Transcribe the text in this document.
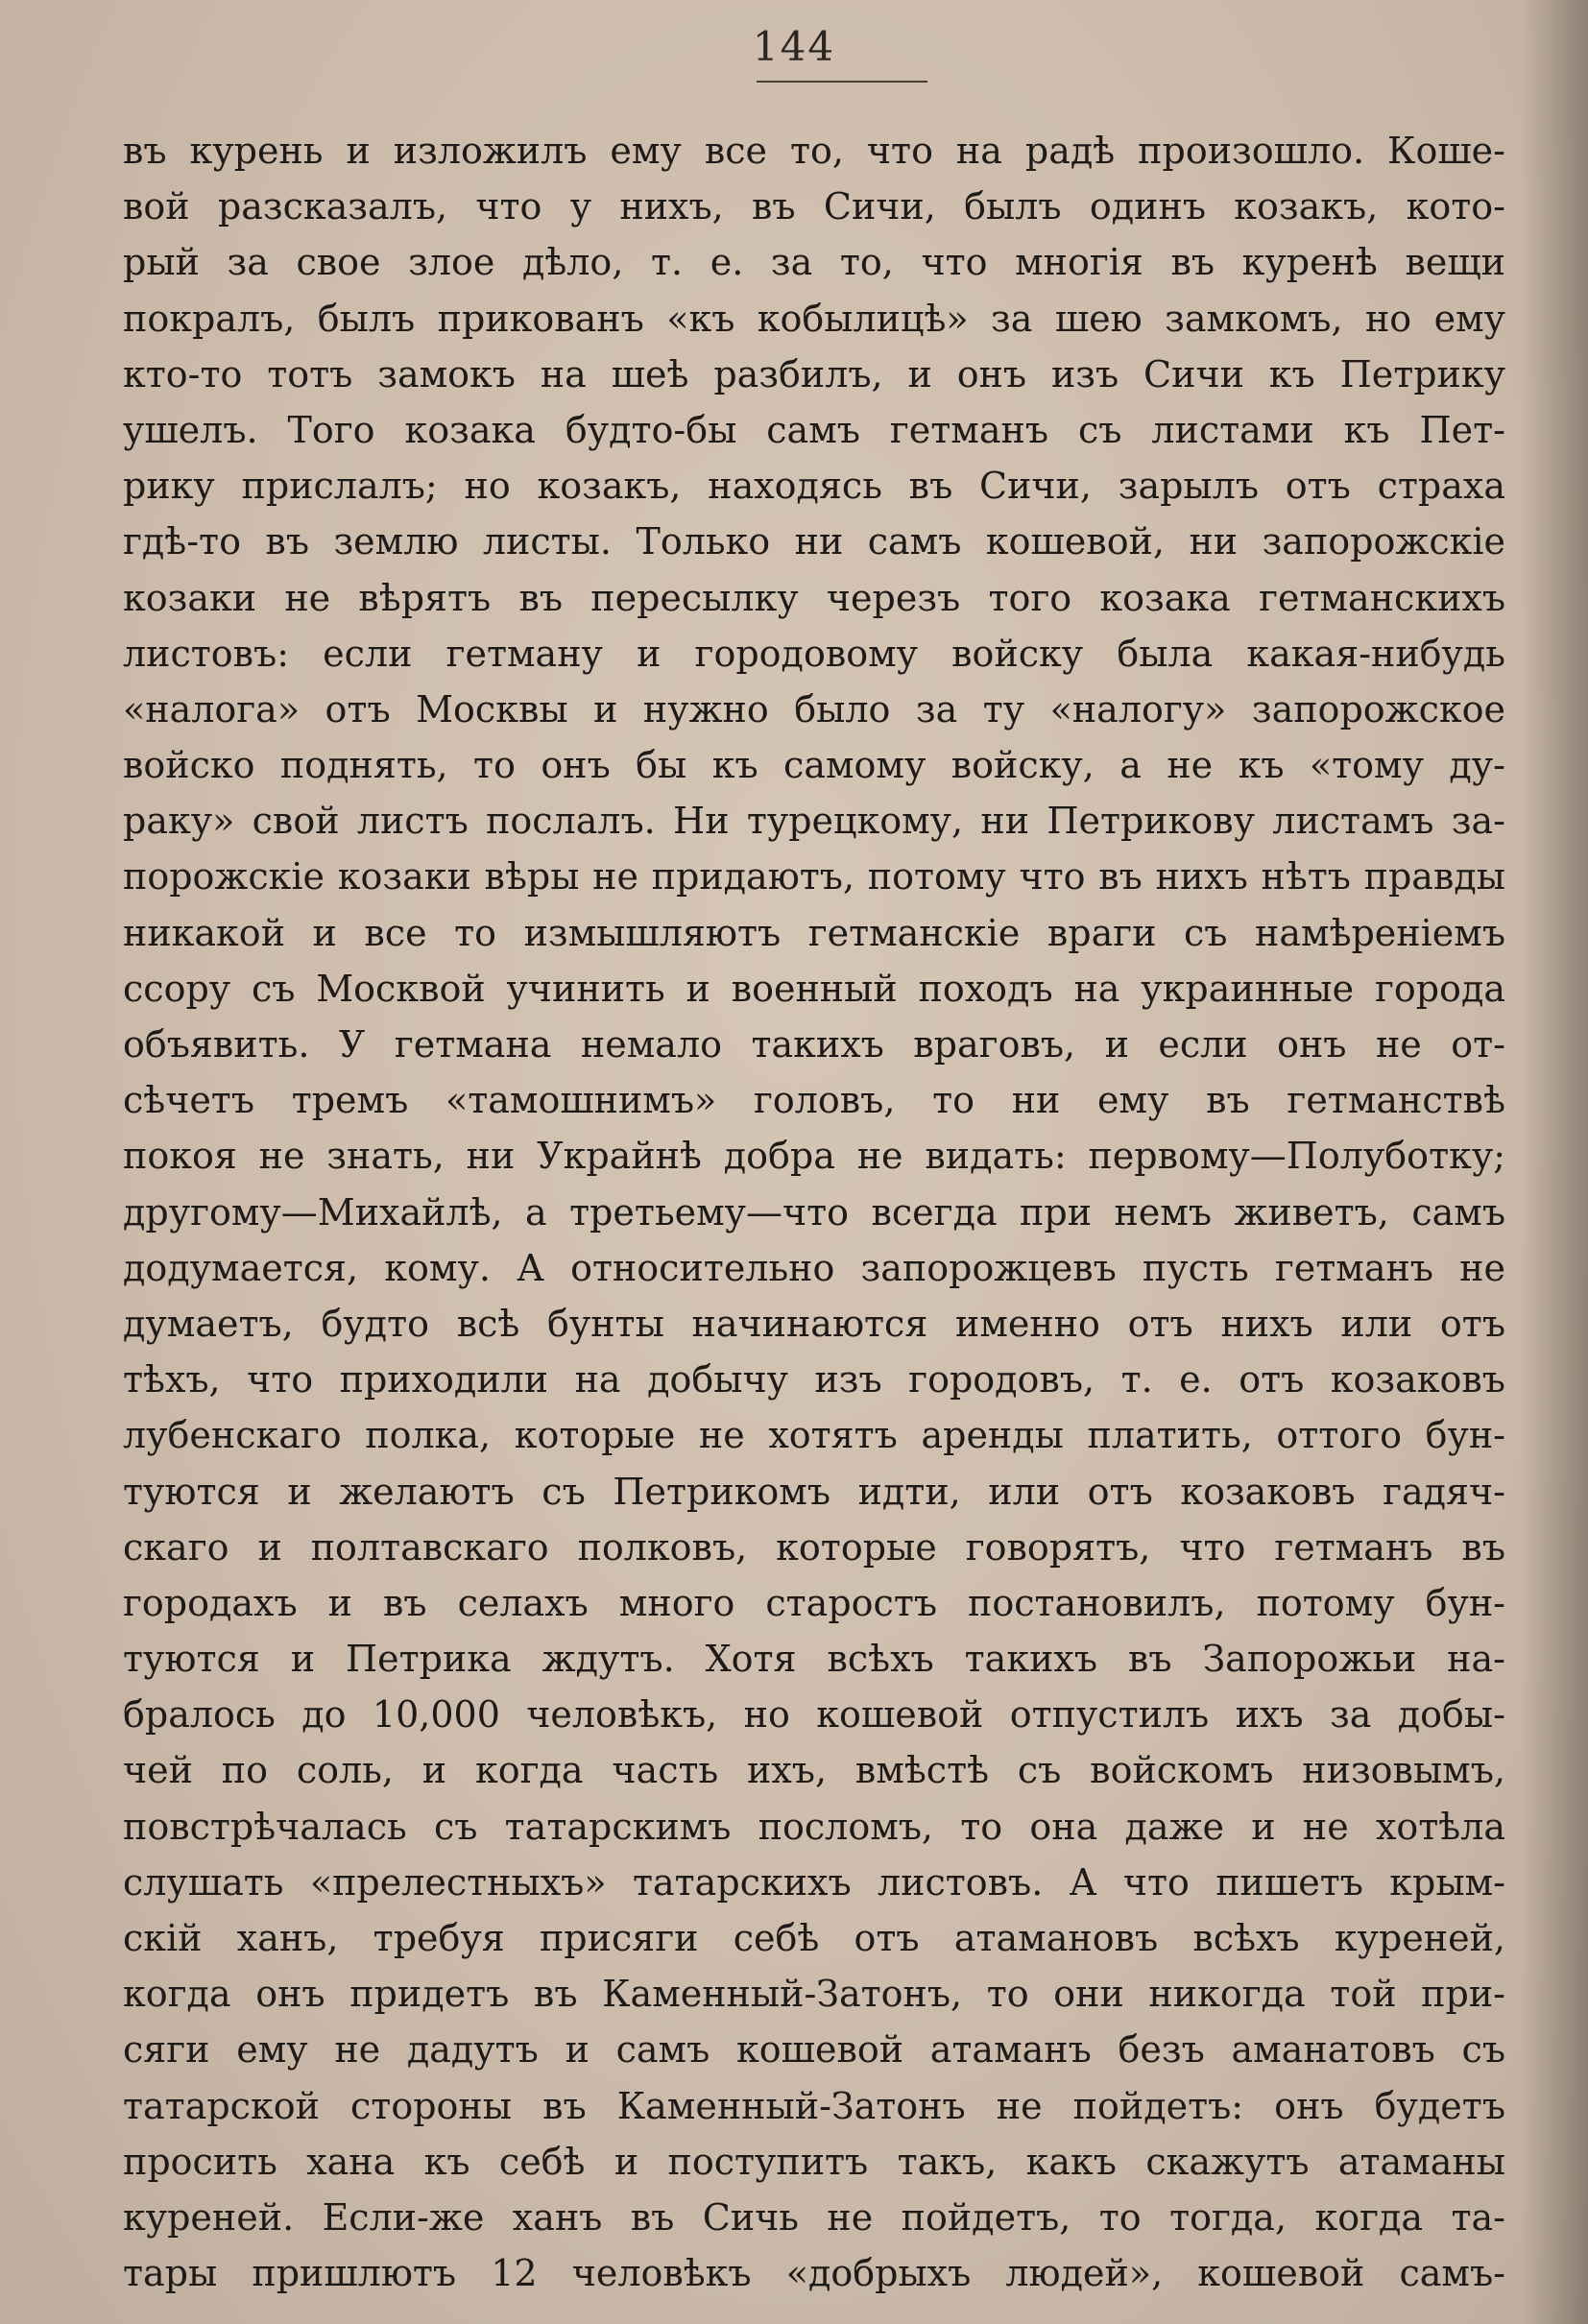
144
въ курень и изложилъ ему все то, что на радѣ произошло. Коше-
вой разсказалъ, что у нихъ, въ Сичи, былъ одинъ козакъ, кото-
рый за свое злое дѣло, т. е. за то, что многія въ куренѣ вещи
покралъ, былъ прикованъ «къ кобылицѣ» за шею замкомъ, но ему
кто-то тотъ замокъ на шеѣ разбилъ, и онъ изъ Сичи къ Петрику
ушелъ. Того козака будто-бы самъ гетманъ съ листами къ Пет-
рику прислалъ; но козакъ, находясь въ Сичи, зарылъ отъ страха
гдѣ-то въ землю листы. Только ни самъ кошевой, ни запорожскіе
козаки не вѣрятъ въ пересылку черезъ того козака гетманскихъ
листовъ: если гетману и городовому войску была какая-нибудь
«налога» отъ Москвы и нужно было за ту «налогу» запорожское
войско поднять, то онъ бы къ самому войску, а не къ «тому ду-
раку» свой листъ послалъ. Ни турецкому, ни Петрикову листамъ за-
порожскіе козаки вѣры не придаютъ, потому что въ нихъ нѣтъ правды
никакой и все то измышляютъ гетманскіе враги съ намѣреніемъ
ссору съ Москвой учинить и военный походъ на украинные города
объявить. У гетмана немало такихъ враговъ, и если онъ не от-
сѣчетъ тремъ «тамошнимъ» головъ, то ни ему въ гетманствѣ
покоя не знать, ни Украйнѣ добра не видать: первому—Полуботку;
другому—Михайлѣ, а третьему—что всегда при немъ живетъ, самъ
додумается, кому. А относительно запорожцевъ пусть гетманъ не
думаетъ, будто всѣ бунты начинаются именно отъ нихъ или отъ
тѣхъ, что приходили на добычу изъ городовъ, т. е. отъ козаковъ
лубенскаго полка, которые не хотятъ аренды платить, оттого бун-
туются и желаютъ съ Петрикомъ идти, или отъ козаковъ гадяч-
скаго и полтавскаго полковъ, которые говорятъ, что гетманъ въ
городахъ и въ селахъ много старостъ постановилъ, потому бун-
туются и Петрика ждутъ. Хотя всѣхъ такихъ въ Запорожьи на-
бралось до 10,000 человѣкъ, но кошевой отпустилъ ихъ за добы-
чей по соль, и когда часть ихъ, вмѣстѣ съ войскомъ низовымъ,
повстрѣчалась съ татарскимъ посломъ, то она даже и не хотѣла
слушать «прелестныхъ» татарскихъ листовъ. А что пишетъ крым-
скій ханъ, требуя присяги себѣ отъ атамановъ всѣхъ куреней,
когда онъ придетъ въ Каменный-Затонъ, то они никогда той при-
сяги ему не дадутъ и самъ кошевой атаманъ безъ аманатовъ съ
татарской стороны въ Каменный-Затонъ не пойдетъ: онъ будетъ
просить хана къ себѣ и поступитъ такъ, какъ скажутъ атаманы
куреней. Если-же ханъ въ Сичь не пойдетъ, то тогда, когда та-
тары пришлютъ 12 человѣкъ «добрыхъ людей», кошевой самъ-
